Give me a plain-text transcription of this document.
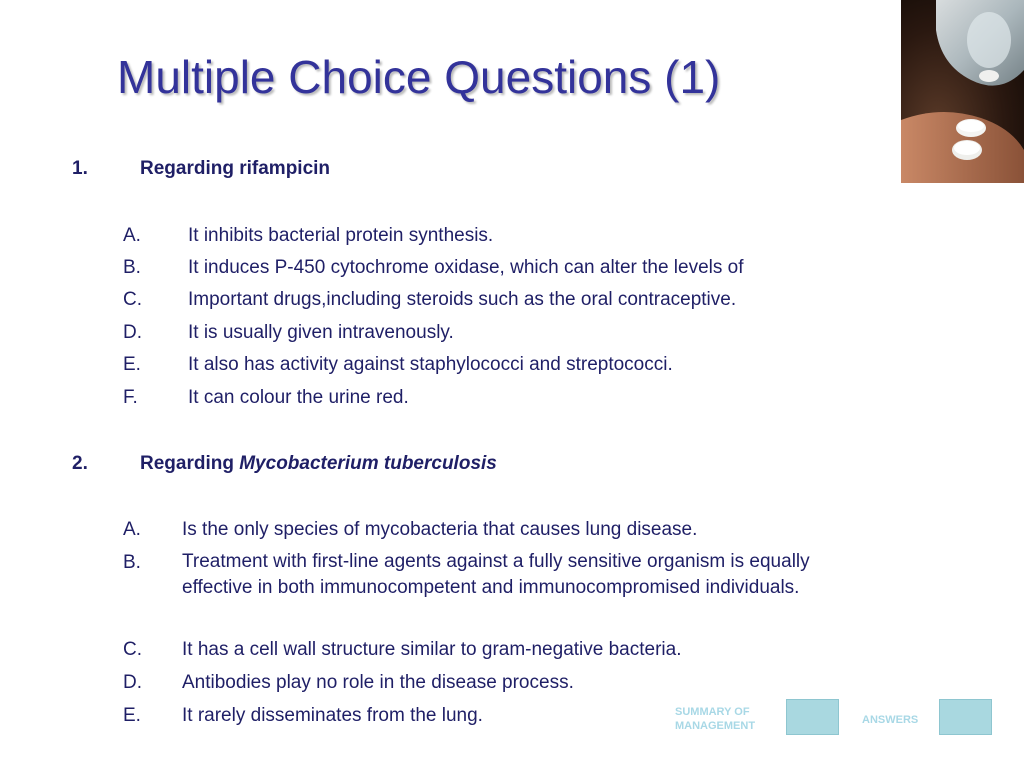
Multiple Choice Questions (1)
1.	Regarding rifampicin
A. It inhibits bacterial protein synthesis.
B. It induces P-450 cytochrome oxidase, which can alter the levels of
C. Important drugs,including steroids such as the oral contraceptive.
D. It is usually given intravenously.
E. It also has activity against staphylococci and streptococci.
F.	It can colour the urine red.
2.	Regarding Mycobacterium tuberculosis
A. Is the only species of mycobacteria that causes lung disease.
B. Treatment with first-line agents against a fully sensitive organism is equally effective in both immunocompetent and immunocompromised individuals.
C. It has a cell wall structure similar to gram-negative bacteria.
D. Antibodies play no role in the disease process.
E. It rarely disseminates from the lung.	SUMMARY OF
MANAGEMENT	ANSWERS
